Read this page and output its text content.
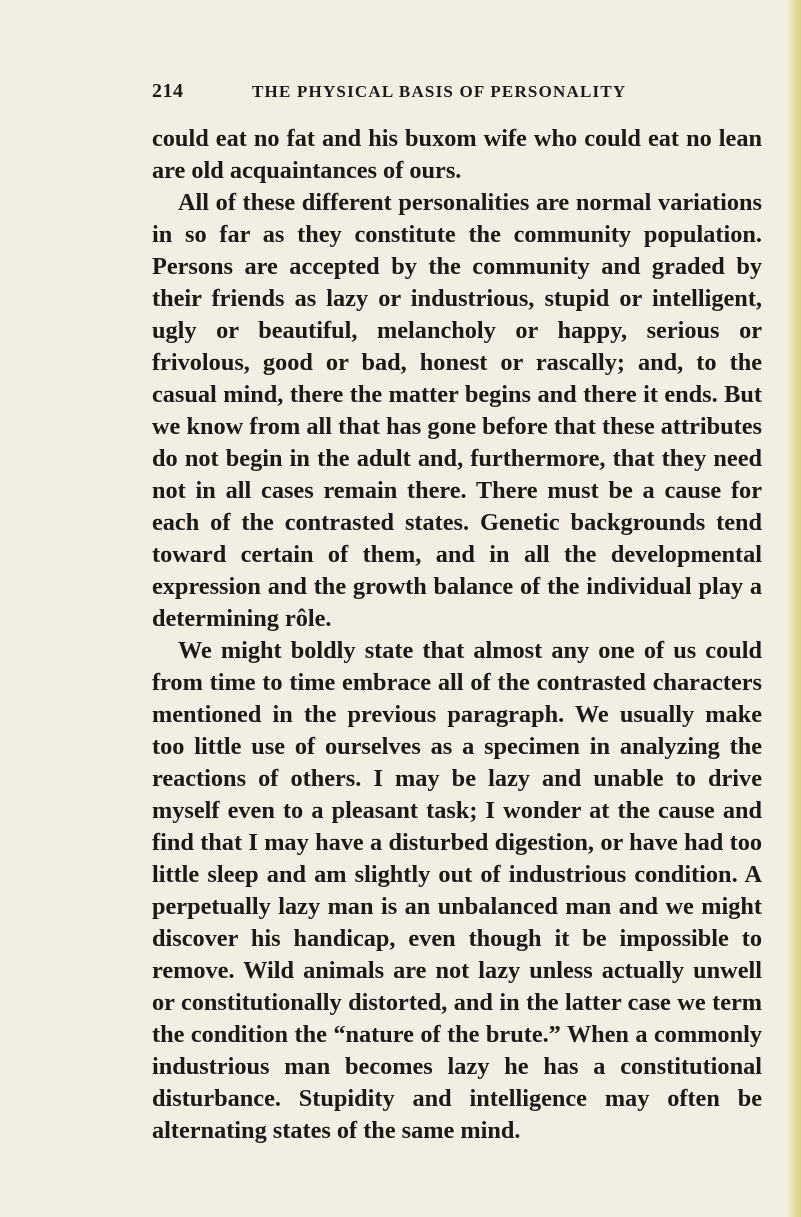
214	THE PHYSICAL BASIS OF PERSONALITY

could eat no fat and his buxom wife who could eat no lean are old acquaintances of ours.

All of these different personalities are normal variations in so far as they constitute the community population. Persons are accepted by the community and graded by their friends as lazy or industrious, stupid or intelligent, ugly or beautiful, melancholy or happy, serious or frivolous, good or bad, honest or rascally; and, to the casual mind, there the matter begins and there it ends. But we know from all that has gone before that these attributes do not begin in the adult and, furthermore, that they need not in all cases remain there. There must be a cause for each of the contrasted states. Genetic backgrounds tend toward certain of them, and in all the developmental expression and the growth balance of the individual play a determining rôle.

We might boldly state that almost any one of us could from time to time embrace all of the contrasted characters mentioned in the previous paragraph. We usually make too little use of ourselves as a specimen in analyzing the reactions of others. I may be lazy and unable to drive myself even to a pleasant task; I wonder at the cause and find that I may have a disturbed digestion, or have had too little sleep and am slightly out of industrious condition. A perpetually lazy man is an unbalanced man and we might discover his handicap, even though it be impossible to remove. Wild animals are not lazy unless actually unwell or constitutionally distorted, and in the latter case we term the condition the “nature of the brute.” When a commonly industrious man becomes lazy he has a constitutional disturbance. Stupidity and intelligence may often be alternating states of the same mind.
